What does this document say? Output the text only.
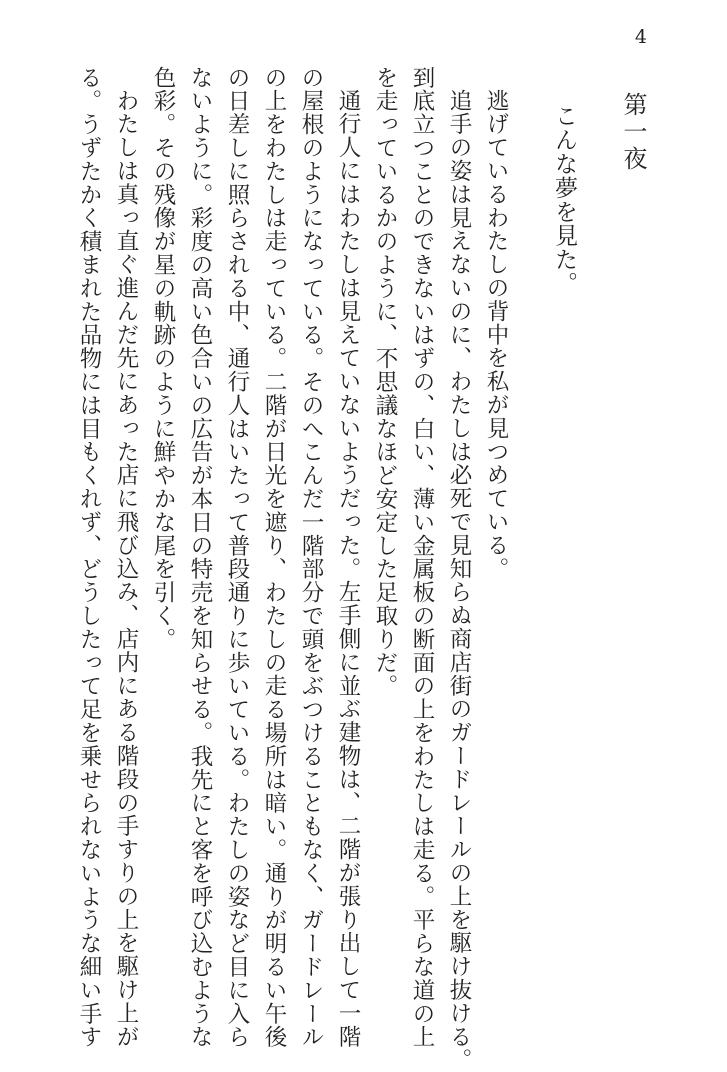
4
第一夜
こんな夢を見た。
逃げているわたしの背中を私が見つめている。
追手の姿は見えないのに、わたしは必死で見知らぬ商店街のガードレールの上を駆け抜ける。
到底立つことのできないはずの、白い、薄い金属板の断面の上をわたしは走る。平らな道の上
を走っているかのように、不思議なほど安定した足取りだ。
通行人にはわたしは見えていないようだった。左手側に並ぶ建物は、二階が張り出して一階
の屋根のようになっている。そのへこんだ一階部分で頭をぶつけることもなく、ガードレール
の上をわたしは走っている。二階が日光を遮り、わたしの走る場所は暗い。通りが明るい午後
の日差しに照らされる中、通行人はいたって普段通りに歩いている。わたしの姿など目に入ら
ないように。彩度の高い色合いの広告が本日の特売を知らせる。我先にと客を呼び込むような
色彩。その残像が星の軌跡のように鮮やかな尾を引く。
わたしは真っ直ぐ進んだ先にあった店に飛び込み、店内にある階段の手すりの上を駆け上が
る。うずたかく積まれた品物には目もくれず、どうしたって足を乗せられないような細い手す
